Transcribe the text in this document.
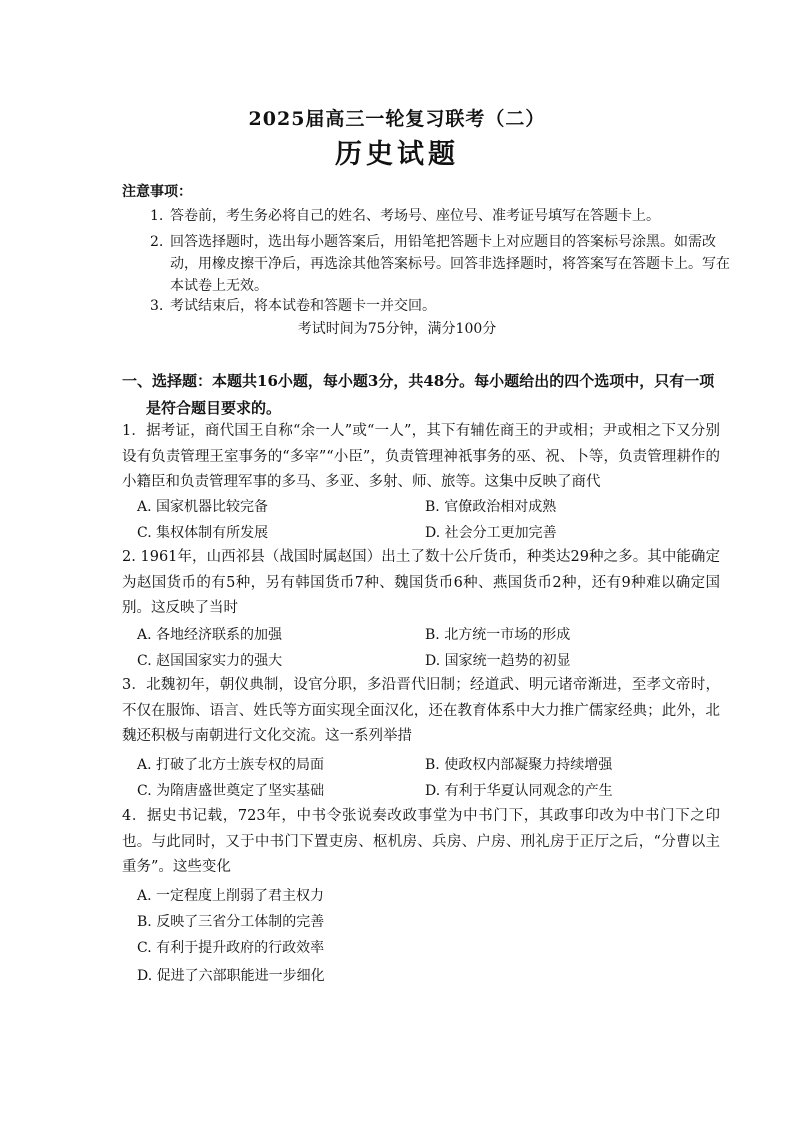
2025届高三一轮复习联考（二）
历史试题
注意事项：
1. 答卷前，考生务必将自己的姓名、考场号、座位号、准考证号填写在答题卡上。
2. 回答选择题时，选出每小题答案后，用铅笔把答题卡上对应题目的答案标号涂黑。如需改动，用橡皮擦干净后，再选涂其他答案标号。回答非选择题时，将答案写在答题卡上。写在本试卷上无效。
3. 考试结束后，将本试卷和答题卡一并交回。
考试时间为75分钟，满分100分
一、选择题：本题共16小题，每小题3分，共48分。每小题给出的四个选项中，只有一项
是符合题目要求的。
1．据考证，商代国王自称“余一人”或“一人”，其下有辅佐商王的尹或相；尹或相之下又分别设有负责管理王室事务的“多宰”“小臣”，负责管理神祇事务的巫、祝、卜等，负责管理耕作的小籍臣和负责管理军事的多马、多亚、多射、师、旅等。这集中反映了商代
A. 国家机器比较完备	B. 官僚政治相对成熟
C. 集权体制有所发展	D. 社会分工更加完善
2. 1961年，山西祁县（战国时属赵国）出土了数十公斤货币，种类达29种之多。其中能确定为赵国货币的有5种，另有韩国货币7种、魏国货币6种、燕国货币2种，还有9种难以确定国别。这反映了当时
A. 各地经济联系的加强	B. 北方统一市场的形成
C. 赵国国家实力的强大	D. 国家统一趋势的初显
3．北魏初年，朝仪典制，设官分职，多沿晋代旧制；经道武、明元诸帝渐进，至孝文帝时，不仅在服饰、语言、姓氏等方面实现全面汉化，还在教育体系中大力推广儒家经典；此外，北魏还积极与南朝进行文化交流。这一系列举措
A. 打破了北方士族专权的局面	B. 使政权内部凝聚力持续增强
C. 为隋唐盛世奠定了坚实基础	D. 有利于华夏认同观念的产生
4．据史书记载，723年，中书令张说奏改政事堂为中书门下，其政事印改为中书门下之印也。与此同时，又于中书门下置吏房、枢机房、兵房、户房、刑礼房于正厅之后，“分曹以主重务”。这些变化
A. 一定程度上削弱了君主权力
B. 反映了三省分工体制的完善
C. 有利于提升政府的行政效率
D. 促进了六部职能进一步细化
